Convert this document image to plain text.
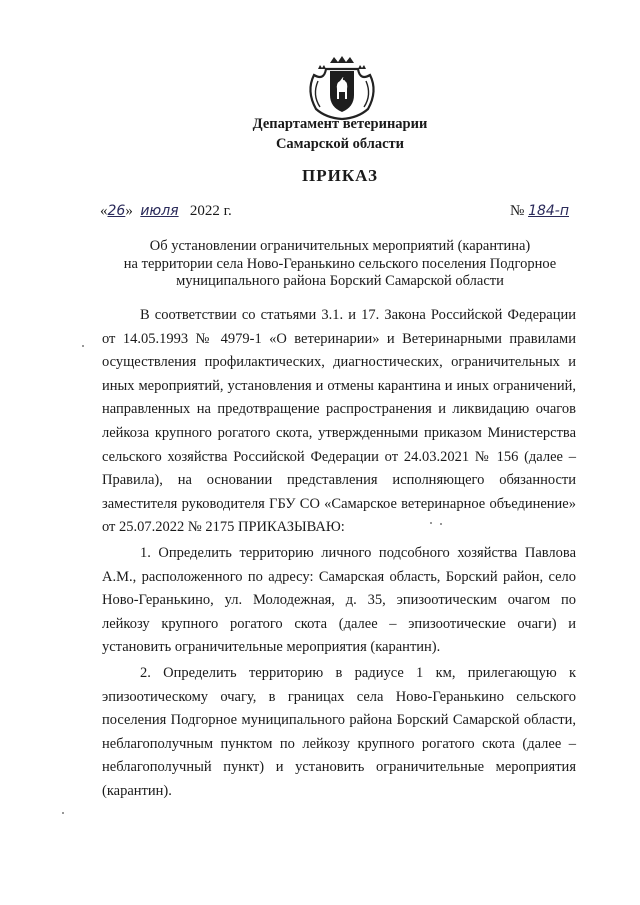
Департамент ветеринарии
Самарской области
ПРИКАЗ
«26» июля 2022 г.	№ 184-п
Об установлении ограничительных мероприятий (карантина)
на территории села Ново-Геранькино сельского поселения Подгорное
муниципального района Борский Самарской области

В соответствии со статьями 3.1. и 17. Закона Российской Федерации от 14.05.1993 № 4979-1 «О ветеринарии» и Ветеринарными правилами осуществления профилактических, диагностических, ограничительных и иных мероприятий, установления и отмены карантина и иных ограничений, направленных на предотвращение распространения и ликвидацию очагов лейкоза крупного рогатого скота, утвержденными приказом Министерства сельского хозяйства Российской Федерации от 24.03.2021 № 156 (далее – Правила), на основании представления исполняющего обязанности заместителя руководителя ГБУ СО «Самарское ветеринарное объединение» от 25.07.2022 № 2175 ПРИКАЗЫВАЮ:

1. Определить территорию личного подсобного хозяйства Павлова А.М., расположенного по адресу: Самарская область, Борский район, село Ново-Геранькино, ул. Молодежная, д. 35, эпизоотическим очагом по лейкозу крупного рогатого скота (далее – эпизоотические очаги) и установить ограничительные мероприятия (карантин).

2. Определить территорию в радиусе 1 км, прилегающую к эпизоотическому очагу, в границах села Ново-Геранькино сельского поселения Подгорное муниципального района Борский Самарской области, неблагополучным пунктом по лейкозу крупного рогатого скота (далее – неблагополучный пункт) и установить ограничительные мероприятия (карантин).
